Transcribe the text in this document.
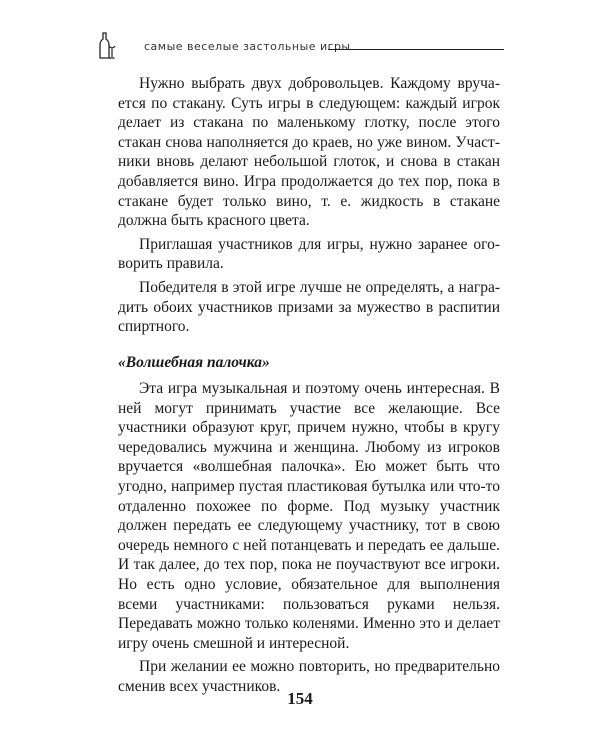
самые веселые застольные игры

Нужно выбрать двух добровольцев. Каждому вручается по стакану. Суть игры в следующем: каждый игрок делает из стакана по маленькому глотку, после этого стакан снова наполняется до краев, но уже вином. Участники вновь делают небольшой глоток, и снова в стакан добавляется вино. Игра продолжается до тех пор, пока в стакане будет только вино, т. е. жидкость в стакане должна быть красного цвета.

Приглашая участников для игры, нужно заранее оговорить правила.

Победителя в этой игре лучше не определять, а наградить обоих участников призами за мужество в распитии спиртного.

«Волшебная палочка»

Эта игра музыкальная и поэтому очень интересная. В ней могут принимать участие все желающие. Все участники образуют круг, причем нужно, чтобы в кругу чередовались мужчина и женщина. Любому из игроков вручается «волшебная палочка». Ею может быть что угодно, например пустая пластиковая бутылка или что-то отдаленно похожее по форме. Под музыку участник должен передать ее следующему участнику, тот в свою очередь немного с ней потанцевать и передать ее дальше. И так далее, до тех пор, пока не поучаствуют все игроки. Но есть одно условие, обязательное для выполнения всеми участниками: пользоваться руками нельзя. Передавать можно только коленями. Именно это и делает игру очень смешной и интересной.

При желании ее можно повторить, но предварительно сменив всех участников.

154
